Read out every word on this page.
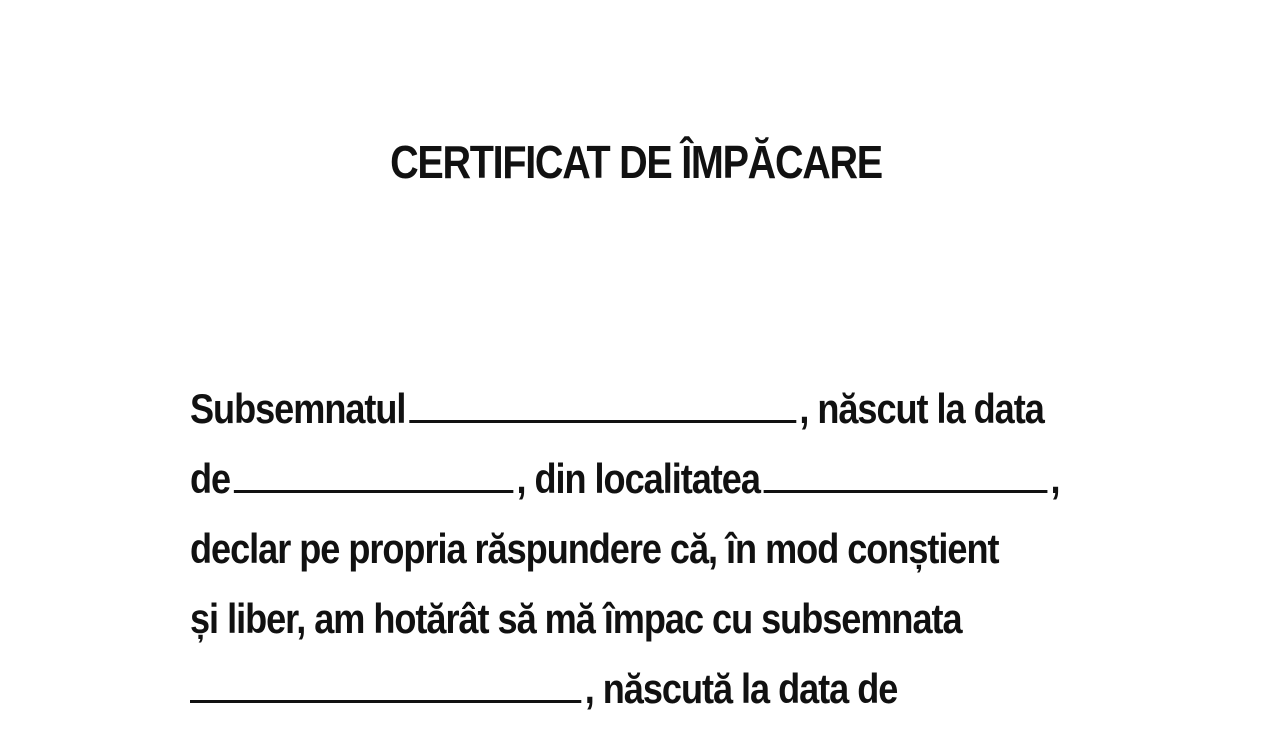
CERTIFICAT DE ÎMPĂCARE
Subsemnatul	, născut la data
de	, din localitatea	,
declar pe propria răspundere că, în mod conștient
și liber, am hotărât să mă împac cu subsemnata
, născută la data de
